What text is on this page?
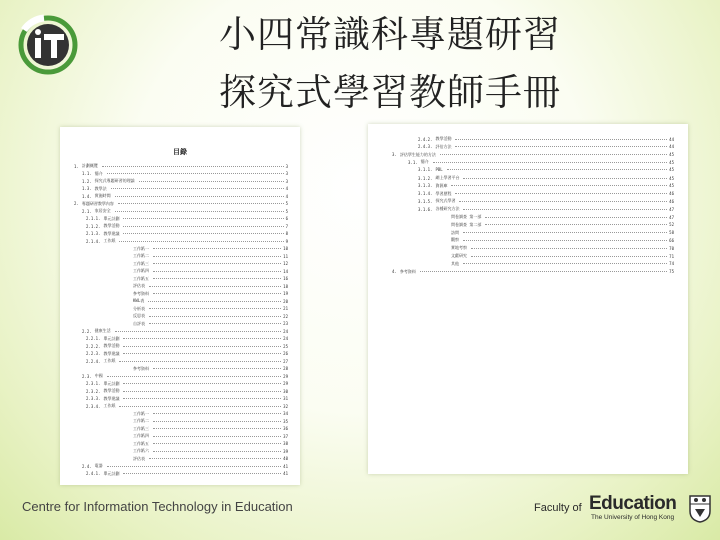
小四常識科專題研習
探究式學習教師手冊
目錄
1. 計劃概覽	3
1.1. 簡介	3
1.2. 探究式專題研習的理論	3
1.3. 教學法	4
1.4. 實施時間	4
2. 專題研習教學內容	5
2.1. 家居安全	5
2.1.1. 單元計劃	6
2.1.2. 教學活動	7
2.1.3. 教學建議	8
2.1.4. 工作紙	9
工作紙一	10
工作紙二	11
工作紙三	12
工作紙四	14
工作紙五	16
評估表	18
參考資料	19
KWL表	20
分析表	21
反思表	22
自評表	23
2.2. 健康生活	24
2.2.1. 單元計劃	24
2.2.2. 教學活動	25
2.2.3. 教學建議	26
2.2.4. 工作紙	27
參考資料	28
2.3. 中國	29
2.3.1. 單元計劃	29
2.3.2. 教學活動	30
2.3.3. 教學建議	31
2.3.4. 工作紙	32
工作紙一	34
工作紙二	35
工作紙三	36
工作紙四	37
工作紙五	38
工作紙六	39
評估表	40
2.4. 電器	41
2.4.1. 單元計劃	41
2.4.2. 教學活動	44
2.4.3. 評估方法	44
3. 評估學生能力的方法	45
3.1. 簡介	45
3.1.1. PBL	45
3.1.2. 網上學習平台	45
3.1.3. 資源庫	45
3.1.4. 學習歷程	46
3.1.5. 探究式學習	46
3.1.6. 各種研究方法	47
問卷調查 第一部	47
問卷調查 第二部	52
訪問	58
觀察	66
實地考察	70
文獻研究	71
其他	74
4. 參考資料	75
Centre for Information Technology in Education	Faculty of Education
The University of Hong Kong
